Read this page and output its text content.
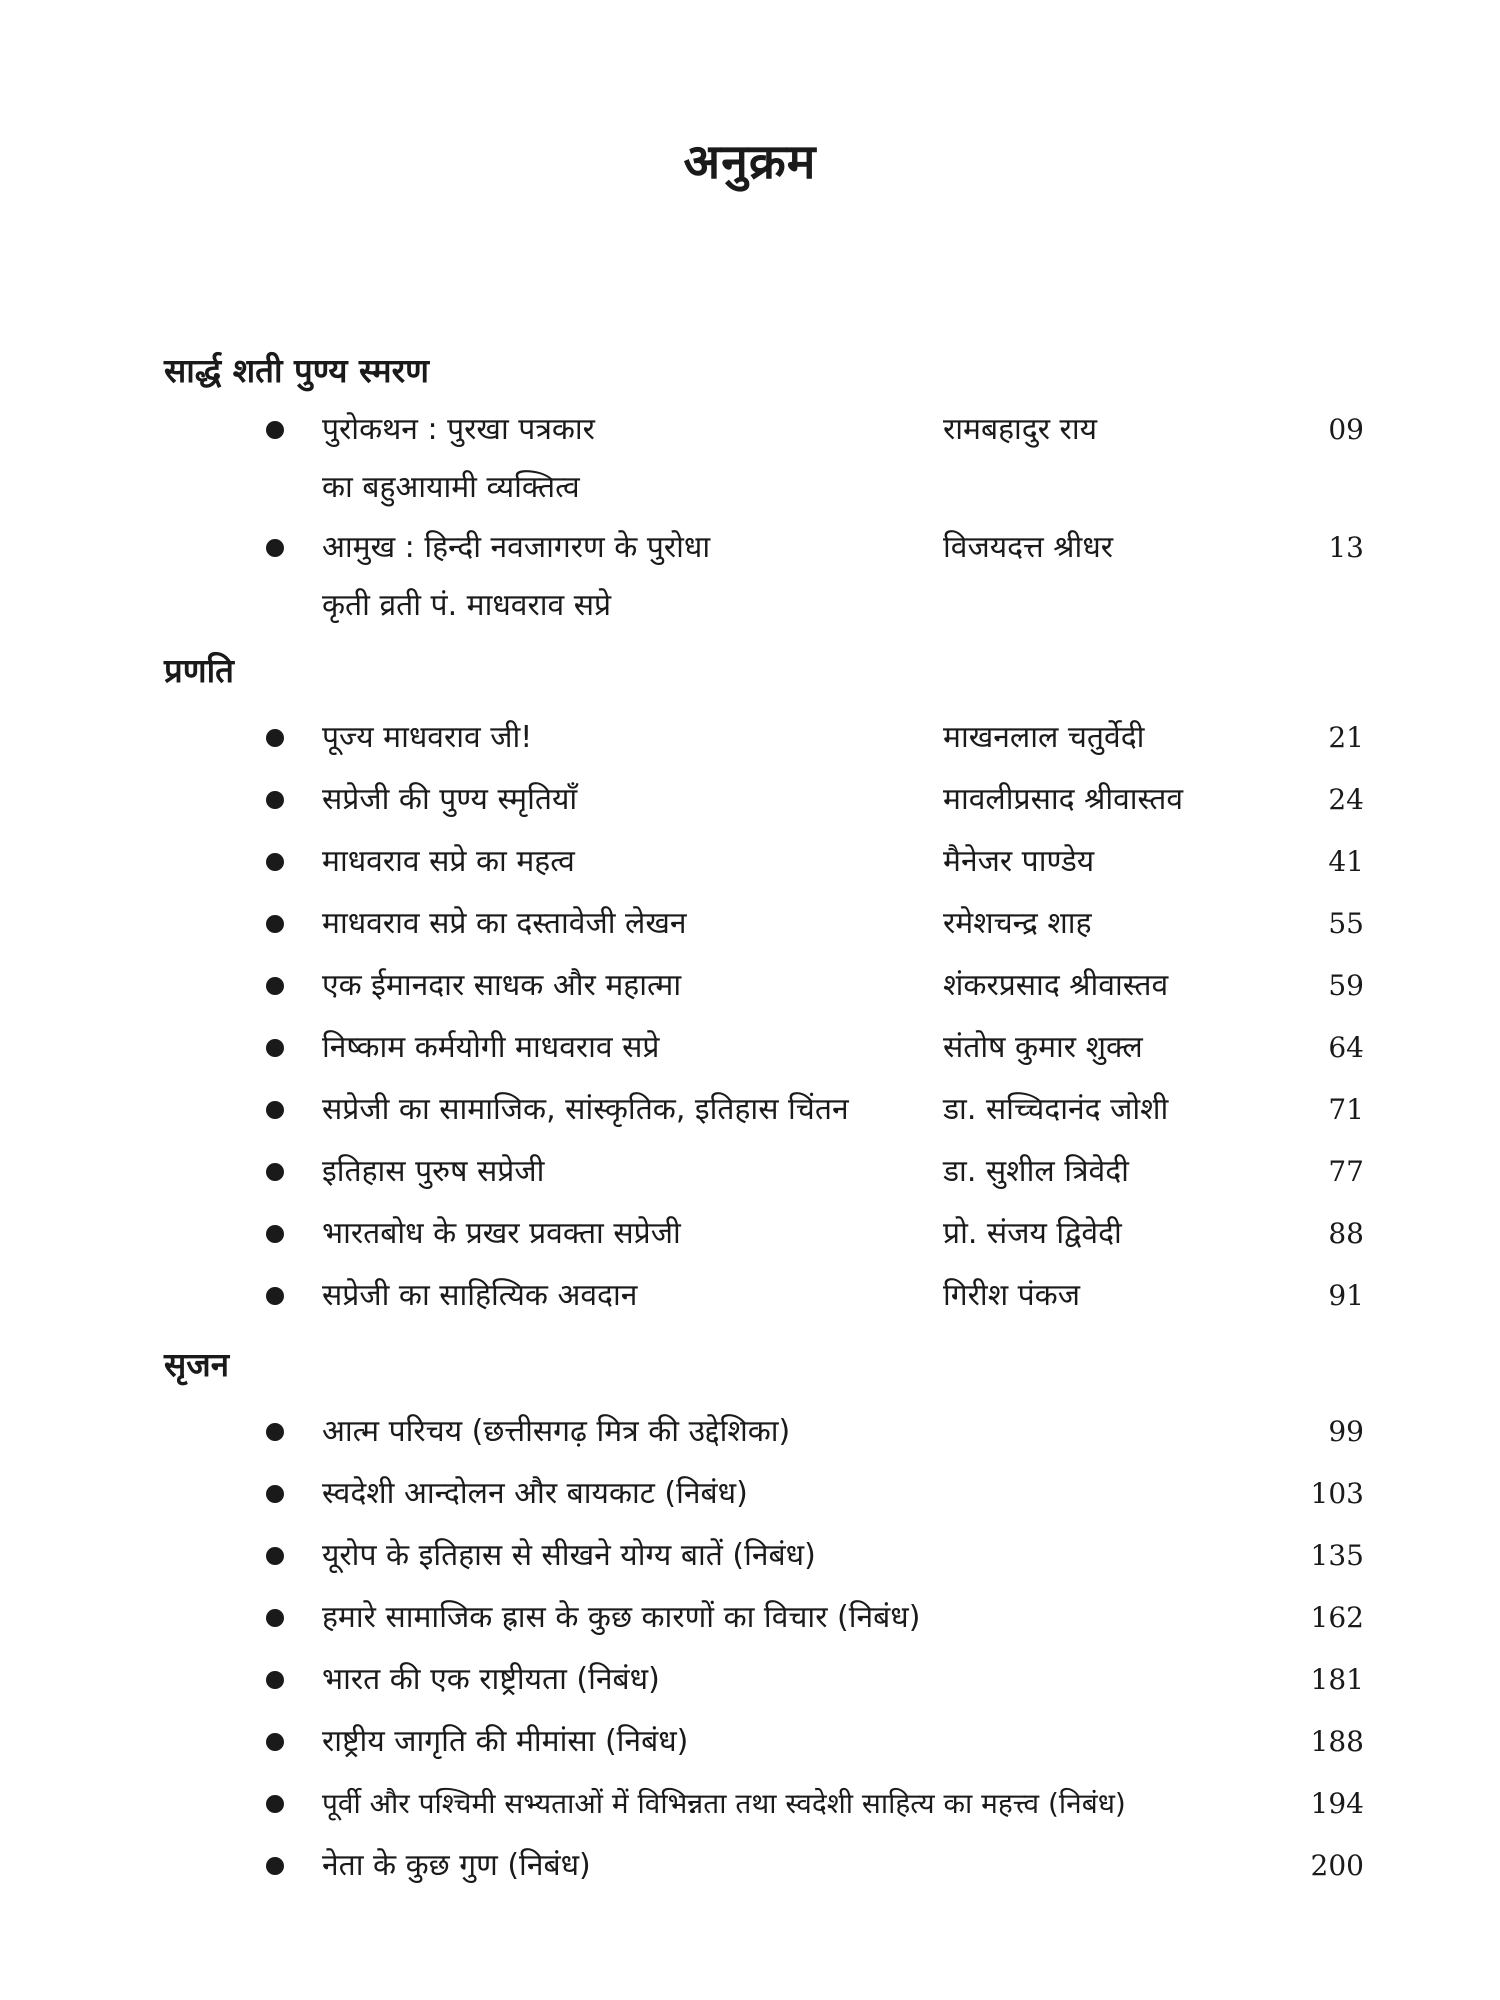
अनुक्रम
सार्द्ध शती पुण्य स्मरण
पुरोकथन : पुरखा पत्रकार
का बहुआयामी व्यक्तित्व
रामबहादुर राय	09
आमुख : हिन्दी नवजागरण के पुरोधा
कृती व्रती पं. माधवराव सप्रे
विजयदत्त श्रीधर	13
प्रणति
पूज्य माधवराव जी!	माखनलाल चतुर्वेदी	21
सप्रेजी की पुण्य स्मृतियाँ	मावलीप्रसाद श्रीवास्तव	24
माधवराव सप्रे का महत्व	मैनेजर पाण्डेय	41
माधवराव सप्रे का दस्तावेजी लेखन	रमेशचन्द्र शाह	55
एक ईमानदार साधक और महात्मा	शंकरप्रसाद श्रीवास्तव	59
निष्काम कर्मयोगी माधवराव सप्रे	संतोष कुमार शुक्ल	64
सप्रेजी का सामाजिक, सांस्कृतिक, इतिहास चिंतन	डा. सच्चिदानंद जोशी	71
इतिहास पुरुष सप्रेजी	डा. सुशील त्रिवेदी	77
भारतबोध के प्रखर प्रवक्ता सप्रेजी	प्रो. संजय द्विवेदी	88
सप्रेजी का साहित्यिक अवदान	गिरीश पंकज	91
सृजन
आत्म परिचय (छत्तीसगढ़ मित्र की उद्देशिका)	99
स्वदेशी आन्दोलन और बायकाट (निबंध)	103
यूरोप के इतिहास से सीखने योग्य बातें (निबंध)	135
हमारे सामाजिक ह्रास के कुछ कारणों का विचार (निबंध)	162
भारत की एक राष्ट्रीयता (निबंध)	181
राष्ट्रीय जागृति की मीमांसा (निबंध)	188
पूर्वी और पश्चिमी सभ्यताओं में विभिन्नता तथा स्वदेशी साहित्य का महत्त्व (निबंध)	194
नेता के कुछ गुण (निबंध)	200
